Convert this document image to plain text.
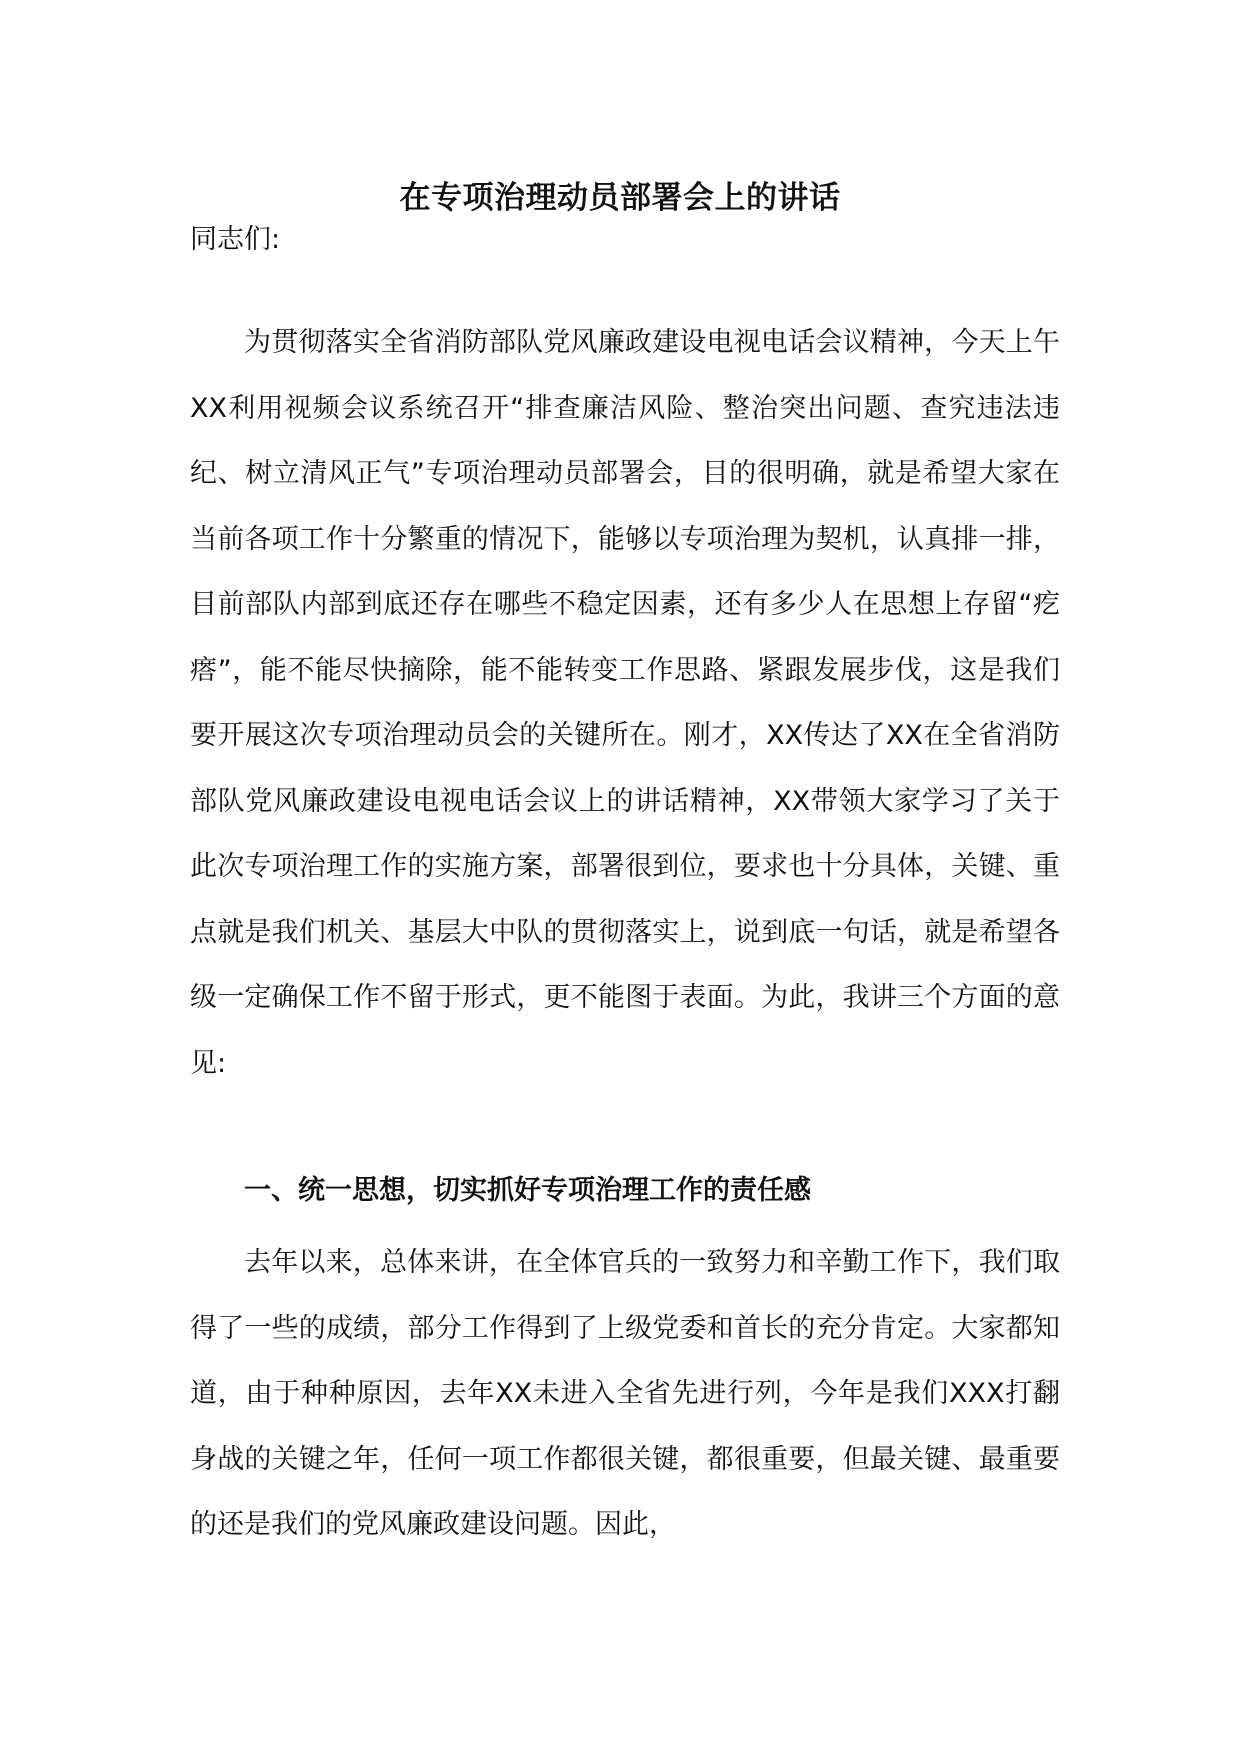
在专项治理动员部署会上的讲话
同志们:

为贯彻落实全省消防部队党风廉政建设电视电话会议精神，今天上午XX利用视频会议系统召开“排查廉洁风险、整治突出问题、查究违法违纪、树立清风正气”专项治理动员部署会，目的很明确，就是希望大家在当前各项工作十分繁重的情况下，能够以专项治理为契机，认真排一排，目前部队内部到底还存在哪些不稳定因素，还有多少人在思想上存留“疙瘩”，能不能尽快摘除，能不能转变工作思路、紧跟发展步伐，这是我们要开展这次专项治理动员会的关键所在。刚才，XX传达了XX在全省消防部队党风廉政建设电视电话会议上的讲话精神，XX带领大家学习了关于此次专项治理工作的实施方案，部署很到位，要求也十分具体，关键、重点就是我们机关、基层大中队的贯彻落实上，说到底一句话，就是希望各级一定确保工作不留于形式，更不能图于表面。为此，我讲三个方面的意见:

一、统一思想，切实抓好专项治理工作的责任感

去年以来，总体来讲，在全体官兵的一致努力和辛勤工作下，我们取得了一些的成绩，部分工作得到了上级党委和首长的充分肯定。大家都知道，由于种种原因，去年XX未进入全省先进行列，今年是我们XXX打翻身战的关键之年，任何一项工作都很关键，都很重要，但最关键、最重要的还是我们的党风廉政建设问题。因此，
